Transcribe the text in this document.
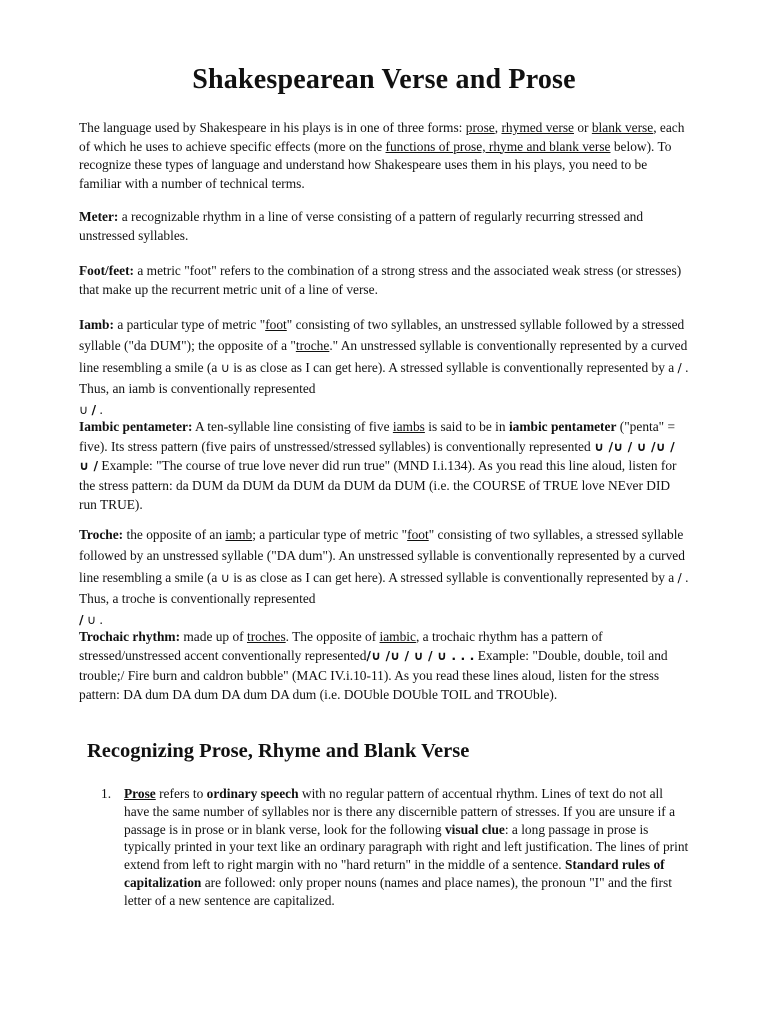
Shakespearean Verse and Prose
The language used by Shakespeare in his plays is in one of three forms: prose, rhymed verse or blank verse, each of which he uses to achieve specific effects (more on the functions of prose, rhyme and blank verse below). To recognize these types of language and understand how Shakespeare uses them in his plays, you need to be familiar with a number of technical terms.
Meter: a recognizable rhythm in a line of verse consisting of a pattern of regularly recurring stressed and unstressed syllables.
Foot/feet: a metric "foot" refers to the combination of a strong stress and the associated weak stress (or stresses) that make up the recurrent metric unit of a line of verse.
Iamb: a particular type of metric "foot" consisting of two syllables, an unstressed syllable followed by a stressed syllable ("da DUM"); the opposite of a "troche." An unstressed syllable is conventionally represented by a curved line resembling a smile (a ∪ is as close as I can get here). A stressed syllable is conventionally represented by a / . Thus, an iamb is conventionally represented
∪ / .
Iambic pentameter: A ten-syllable line consisting of five iambs is said to be in iambic pentameter ("penta" = five). Its stress pattern (five pairs of unstressed/stressed syllables) is conventionally represented ∪ /∪ / ∪ /∪ / ∪ / Example: "The course of true love never did run true" (MND I.i.134). As you read this line aloud, listen for the stress pattern: da DUM da DUM da DUM da DUM da DUM (i.e. the COURSE of TRUE love NEver DID run TRUE).
Troche: the opposite of an iamb; a particular type of metric "foot" consisting of two syllables, a stressed syllable followed by an unstressed syllable ("DA dum"). An unstressed syllable is conventionally represented by a curved line resembling a smile (a ∪ is as close as I can get here). A stressed syllable is conventionally represented by a / . Thus, a troche is conventionally represented
/ ∪ .
Trochaic rhythm: made up of troches. The opposite of iambic, a trochaic rhythm has a pattern of stressed/unstressed accent conventionally represented/∪ /∪ / ∪ / ∪ . . . Example: "Double, double, toil and trouble;/ Fire burn and caldron bubble" (MAC IV.i.10-11). As you read these lines aloud, listen for the stress pattern: DA dum DA dum DA dum DA dum (i.e. DOUble DOUble TOIL and TROUble).
Recognizing Prose, Rhyme and Blank Verse
1. Prose refers to ordinary speech with no regular pattern of accentual rhythm. Lines of text do not all have the same number of syllables nor is there any discernible pattern of stresses. If you are unsure if a passage is in prose or in blank verse, look for the following visual clue: a long passage in prose is typically printed in your text like an ordinary paragraph with right and left justification. The lines of print extend from left to right margin with no "hard return" in the middle of a sentence. Standard rules of capitalization are followed: only proper nouns (names and place names), the pronoun "I" and the first letter of a new sentence are capitalized.
